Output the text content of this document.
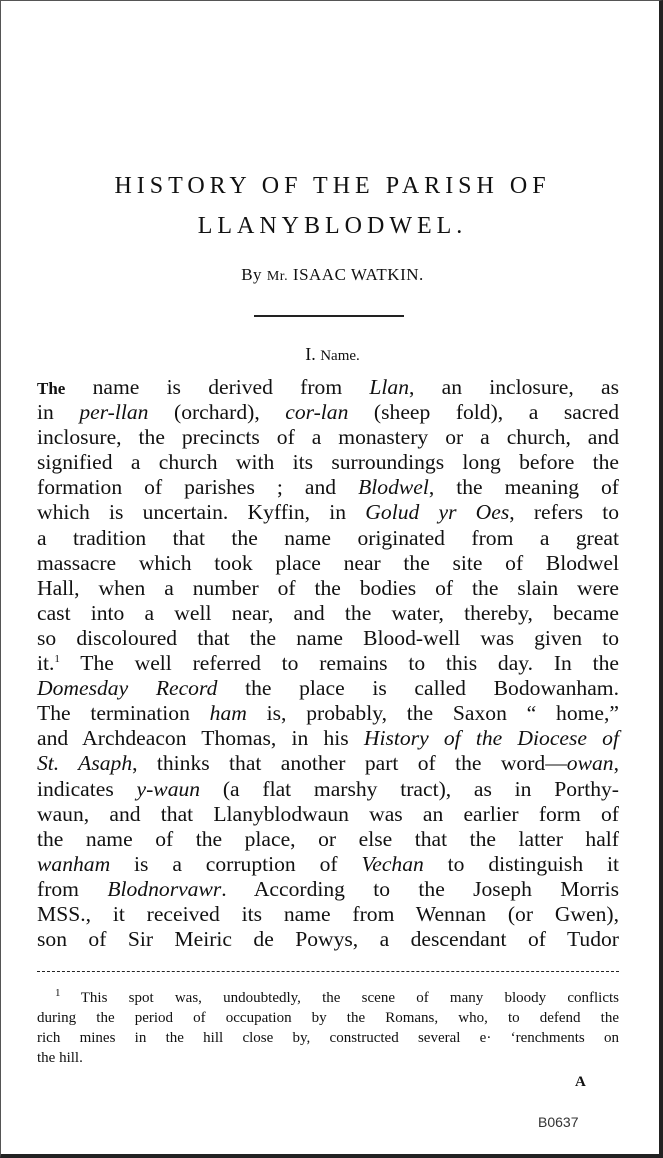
HISTORY OF THE PARISH OF
LLANYBLODWEL.
By Mr. ISAAC WATKIN.
I. Name.
The name is derived from Llan, an inclosure, as
in per-llan (orchard), cor-lan (sheep fold), a sacred
inclosure, the precincts of a monastery or a church, and
signified a church with its surroundings long before the
formation of parishes ; and Blodwel, the meaning of
which is uncertain. Kyffin, in Golud yr Oes, refers to
a tradition that the name originated from a great
massacre which took place near the site of Blodwel
Hall, when a number of the bodies of the slain were
cast into a well near, and the water, thereby, became
so discoloured that the name Blood-well was given to
it.$^1$ The well referred to remains to this day. In the
Domesday Record the place is called Bodowanham.
The termination ham is, probably, the Saxon “ home,”
and Archdeacon Thomas, in his History of the Diocese of
St. Asaph, thinks that another part of the word—owan,
indicates y-waun (a flat marshy tract), as in Porthy-
waun, and that Llanyblodwaun was an earlier form of
the name of the place, or else that the latter half
wanham is a corruption of Vechan to distinguish it
from Blodnorvawr. According to the Joseph Morris
MSS., it received its name from Wennan (or Gwen),
son of Sir Meiric de Powys, a descendant of Tudor
$^1$ This spot was, undoubtedly, the scene of many bloody conflicts
during the period of occupation by the Romans, who, to defend the
rich mines in the hill close by, constructed several e· ‘renchments on
the hill.
A
B0637
